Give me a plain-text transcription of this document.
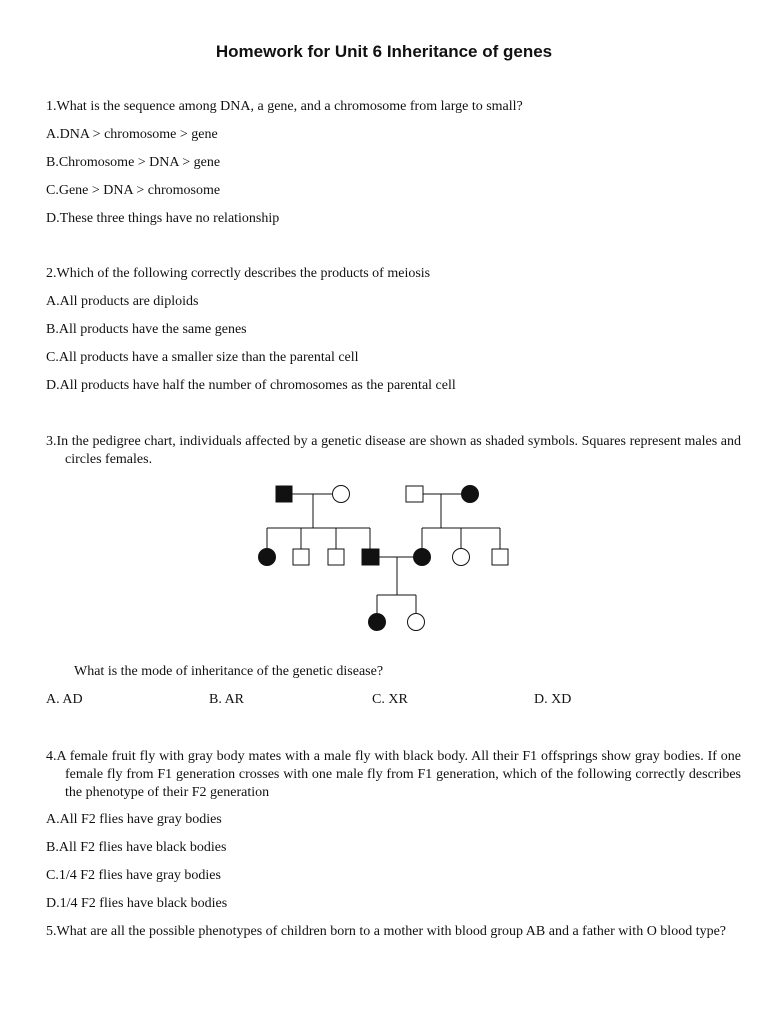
Homework for Unit 6 Inheritance of genes
1.What is the sequence among DNA, a gene, and a chromosome from large to small?
A.DNA > chromosome > gene
B.Chromosome > DNA > gene
C.Gene > DNA > chromosome
D.These three things have no relationship
2.Which of the following correctly describes the products of meiosis
A.All products are diploids
B.All products have the same genes
C.All products have a smaller size than the parental cell
D.All products have half the number of chromosomes as the parental cell
3.In the pedigree chart, individuals affected by a genetic disease are shown as shaded symbols. Squares represent males and circles females.
What is the mode of inheritance of the genetic disease?
A. AD	B. AR	C. XR	D. XD
4.A female fruit fly with gray body mates with a male fly with black body. All their F1 offsprings show gray bodies. If one female fly from F1 generation crosses with one male fly from F1 generation, which of the following correctly describes the phenotype of their F2 generation
A.All F2 flies have gray bodies
B.All F2 flies have black bodies
C.1/4 F2 flies have gray bodies
D.1/4 F2 flies have black bodies
5.What are all the possible phenotypes of children born to a mother with blood group AB and a father with O blood type?
